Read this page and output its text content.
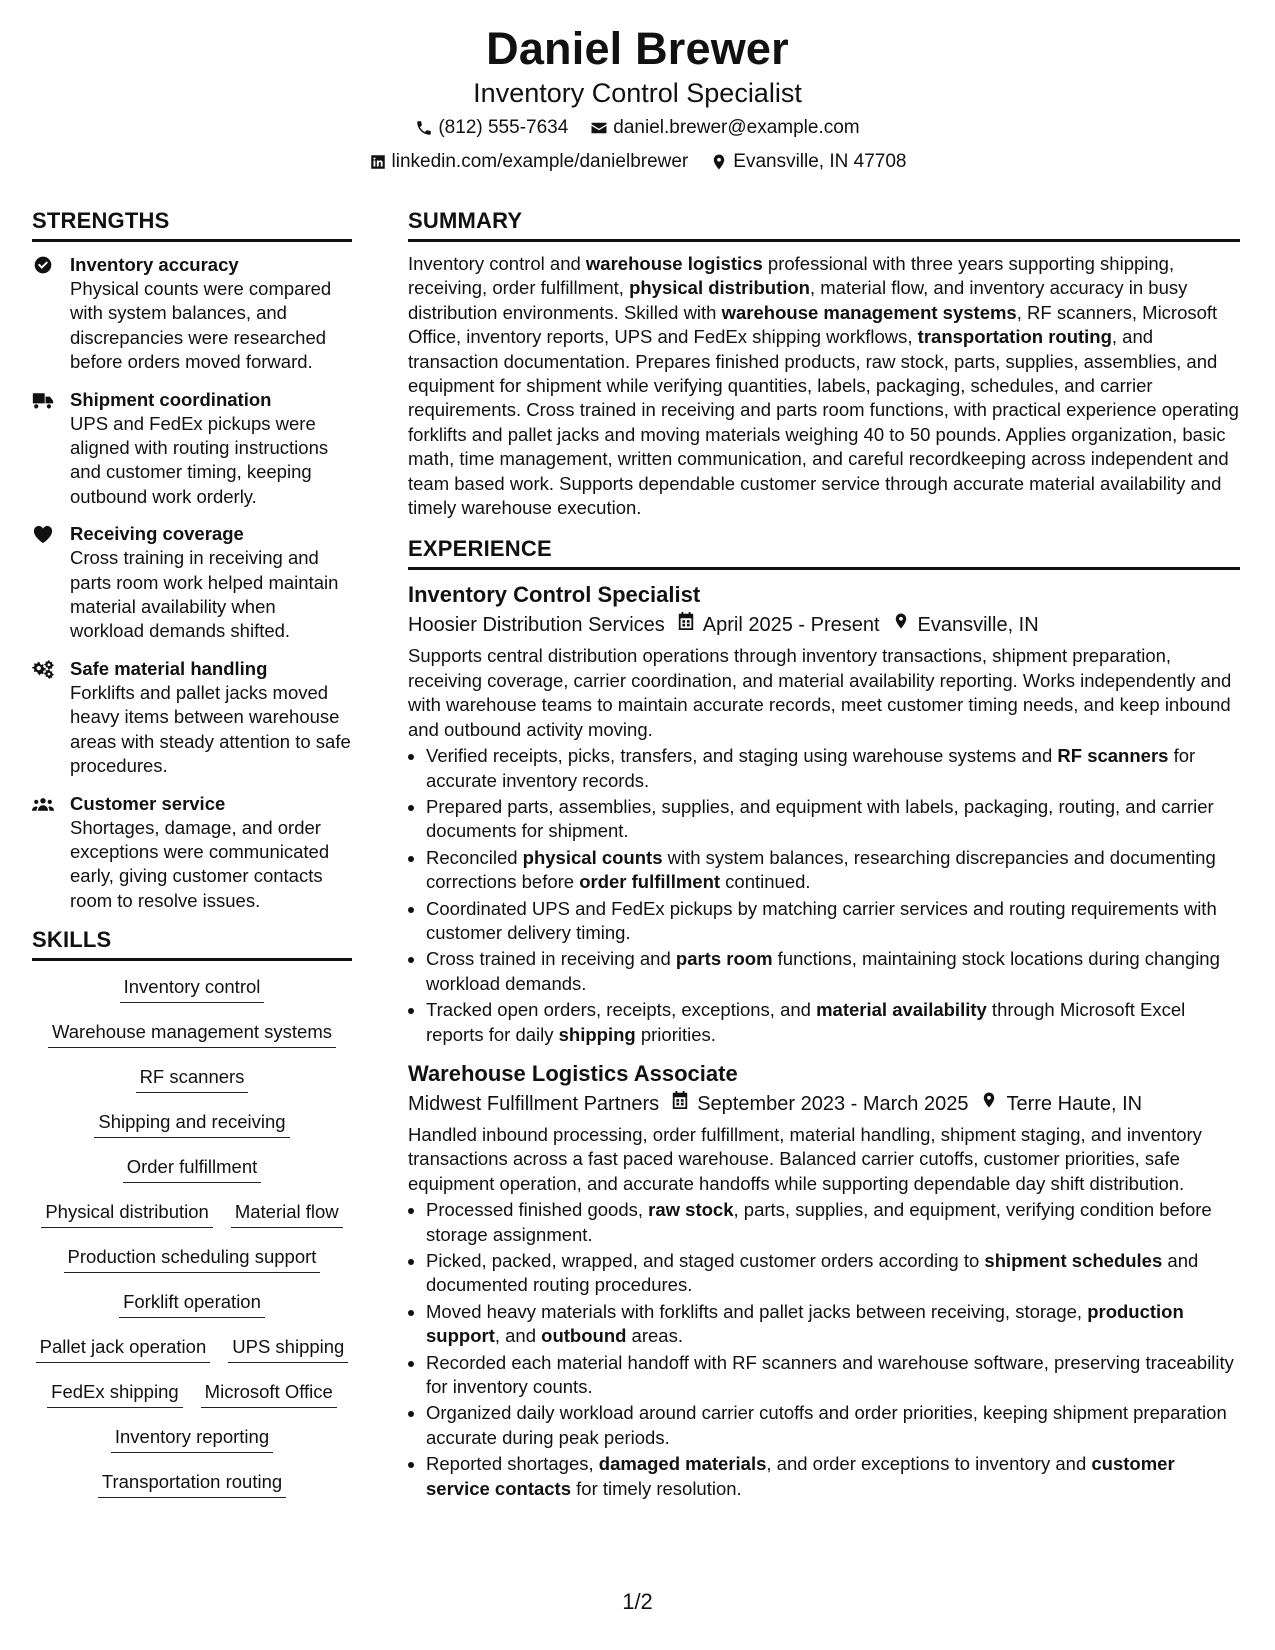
Daniel Brewer
Inventory Control Specialist
(812) 555-7634 daniel.brewer@example.com
linkedin.com/example/danielbrewer Evansville, IN 47708
STRENGTHS
Inventory accuracy
Physical counts were compared with system balances, and discrepancies were researched before orders moved forward.
Shipment coordination
UPS and FedEx pickups were aligned with routing instructions and customer timing, keeping outbound work orderly.
Receiving coverage
Cross training in receiving and parts room work helped maintain material availability when workload demands shifted.
Safe material handling
Forklifts and pallet jacks moved heavy items between warehouse areas with steady attention to safe procedures.
Customer service
Shortages, damage, and order exceptions were communicated early, giving customer contacts room to resolve issues.
SKILLS
Inventory control
Warehouse management systems
RF scanners
Shipping and receiving
Order fulfillment
Physical distribution Material flow
Production scheduling support
Forklift operation
Pallet jack operation UPS shipping
FedEx shipping Microsoft Office
Inventory reporting
Transportation routing
SUMMARY
Inventory control and warehouse logistics professional with three years supporting shipping, receiving, order fulfillment, physical distribution, material flow, and inventory accuracy in busy distribution environments. Skilled with warehouse management systems, RF scanners, Microsoft Office, inventory reports, UPS and FedEx shipping workflows, transportation routing, and transaction documentation. Prepares finished products, raw stock, parts, supplies, assemblies, and equipment for shipment while verifying quantities, labels, packaging, schedules, and carrier requirements. Cross trained in receiving and parts room functions, with practical experience operating forklifts and pallet jacks and moving materials weighing 40 to 50 pounds. Applies organization, basic math, time management, written communication, and careful recordkeeping across independent and team based work. Supports dependable customer service through accurate material availability and timely warehouse execution.
EXPERIENCE
Inventory Control Specialist
Hoosier Distribution Services April 2025 - Present Evansville, IN
Supports central distribution operations through inventory transactions, shipment preparation, receiving coverage, carrier coordination, and material availability reporting. Works independently and with warehouse teams to maintain accurate records, meet customer timing needs, and keep inbound and outbound activity moving.
• Verified receipts, picks, transfers, and staging using warehouse systems and RF scanners for accurate inventory records.
• Prepared parts, assemblies, supplies, and equipment with labels, packaging, routing, and carrier documents for shipment.
• Reconciled physical counts with system balances, researching discrepancies and documenting corrections before order fulfillment continued.
• Coordinated UPS and FedEx pickups by matching carrier services and routing requirements with customer delivery timing.
• Cross trained in receiving and parts room functions, maintaining stock locations during changing workload demands.
• Tracked open orders, receipts, exceptions, and material availability through Microsoft Excel reports for daily shipping priorities.
Warehouse Logistics Associate
Midwest Fulfillment Partners September 2023 - March 2025 Terre Haute, IN
Handled inbound processing, order fulfillment, material handling, shipment staging, and inventory transactions across a fast paced warehouse. Balanced carrier cutoffs, customer priorities, safe equipment operation, and accurate handoffs while supporting dependable day shift distribution.
• Processed finished goods, raw stock, parts, supplies, and equipment, verifying condition before storage assignment.
• Picked, packed, wrapped, and staged customer orders according to shipment schedules and documented routing procedures.
• Moved heavy materials with forklifts and pallet jacks between receiving, storage, production support, and outbound areas.
• Recorded each material handoff with RF scanners and warehouse software, preserving traceability for inventory counts.
• Organized daily workload around carrier cutoffs and order priorities, keeping shipment preparation accurate during peak periods.
• Reported shortages, damaged materials, and order exceptions to inventory and customer service contacts for timely resolution.
1/2
